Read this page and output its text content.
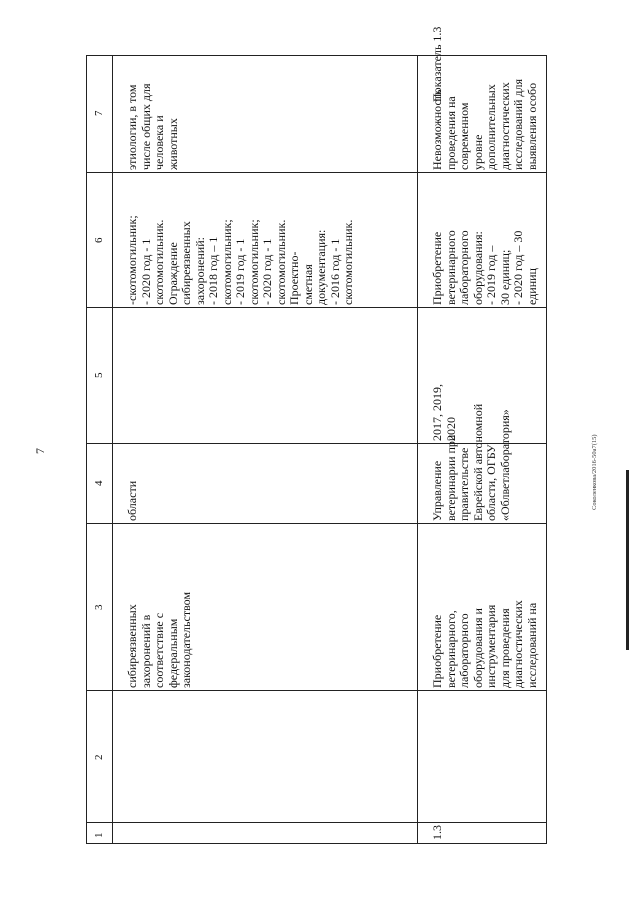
7
1
2
3
4
5
6
7
сибиреязвенных
захоронений в
соответствие с
федеральным
законодательством
области
-скотомогильник;
- 2020 год - 1
скотомогильник.
Ограждение
сибиреязвенных
захоронений:
- 2018 год – 1
скотомогильник;
- 2019 год - 1
скотомогильник;
- 2020 год - 1
скотомогильник.
Проектно-
сметная
документация:
- 2016 год - 1
скотомогильник.
этиологии, в том
числе общих для
человека и
животных
1.3
Приобретение
ветеринарного,
лабораторного
оборудования и
инструментария
для проведения
диагностических
исследований на
Управление
ветеринарии при
правительстве
Еврейской автономной
области, ОГБУ
«Облветлаборатория»
2017, 2019,
2020
Приобретение
ветеринарного
лабораторного
оборудования:
- 2019 год –
30 единиц;
- 2020 год – 30
единиц
Невозможность
проведения на
современном
уровне
дополнительных
диагностических
исследований для
выявления особо
Показатель 1.3
Соколенкова/2016-50а7(15)
